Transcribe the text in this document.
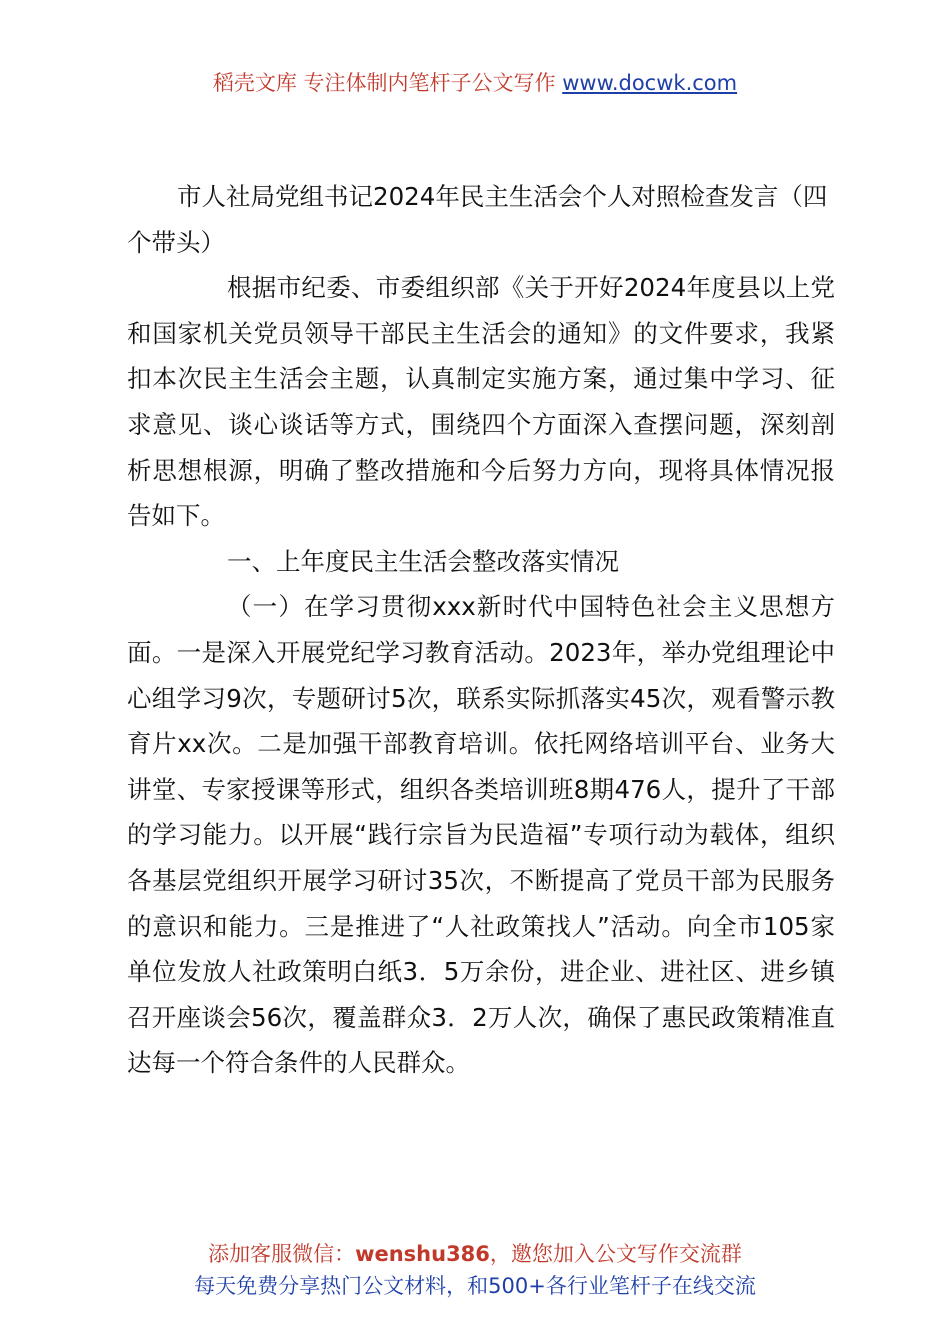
稻壳文库 专注体制内笔杆子公文写作 www.docwk.com

市人社局党组书记2024年民主生活会个人对照检查发言（四个带头）

根据市纪委、市委组织部《关于开好2024年度县以上党和国家机关党员领导干部民主生活会的通知》的文件要求，我紧扣本次民主生活会主题，认真制定实施方案，通过集中学习、征求意见、谈心谈话等方式，围绕四个方面深入查摆问题，深刻剖析思想根源，明确了整改措施和今后努力方向，现将具体情况报告如下。

一、上年度民主生活会整改落实情况

（一）在学习贯彻xxx新时代中国特色社会主义思想方面。一是深入开展党纪学习教育活动。2023年，举办党组理论中心组学习9次，专题研讨5次，联系实际抓落实45次，观看警示教育片xx次。二是加强干部教育培训。依托网络培训平台、业务大讲堂、专家授课等形式，组织各类培训班8期476人，提升了干部的学习能力。以开展“践行宗旨为民造福”专项行动为载体，组织各基层党组织开展学习研讨35次，不断提高了党员干部为民服务的意识和能力。三是推进了“人社政策找人”活动。向全市105家单位发放人社政策明白纸3．5万余份，进企业、进社区、进乡镇召开座谈会56次，覆盖群众3．2万人次，确保了惠民政策精准直达每一个符合条件的人民群众。

添加客服微信：wenshu386，邀您加入公文写作交流群
每天免费分享热门公文材料，和500+各行业笔杆子在线交流
